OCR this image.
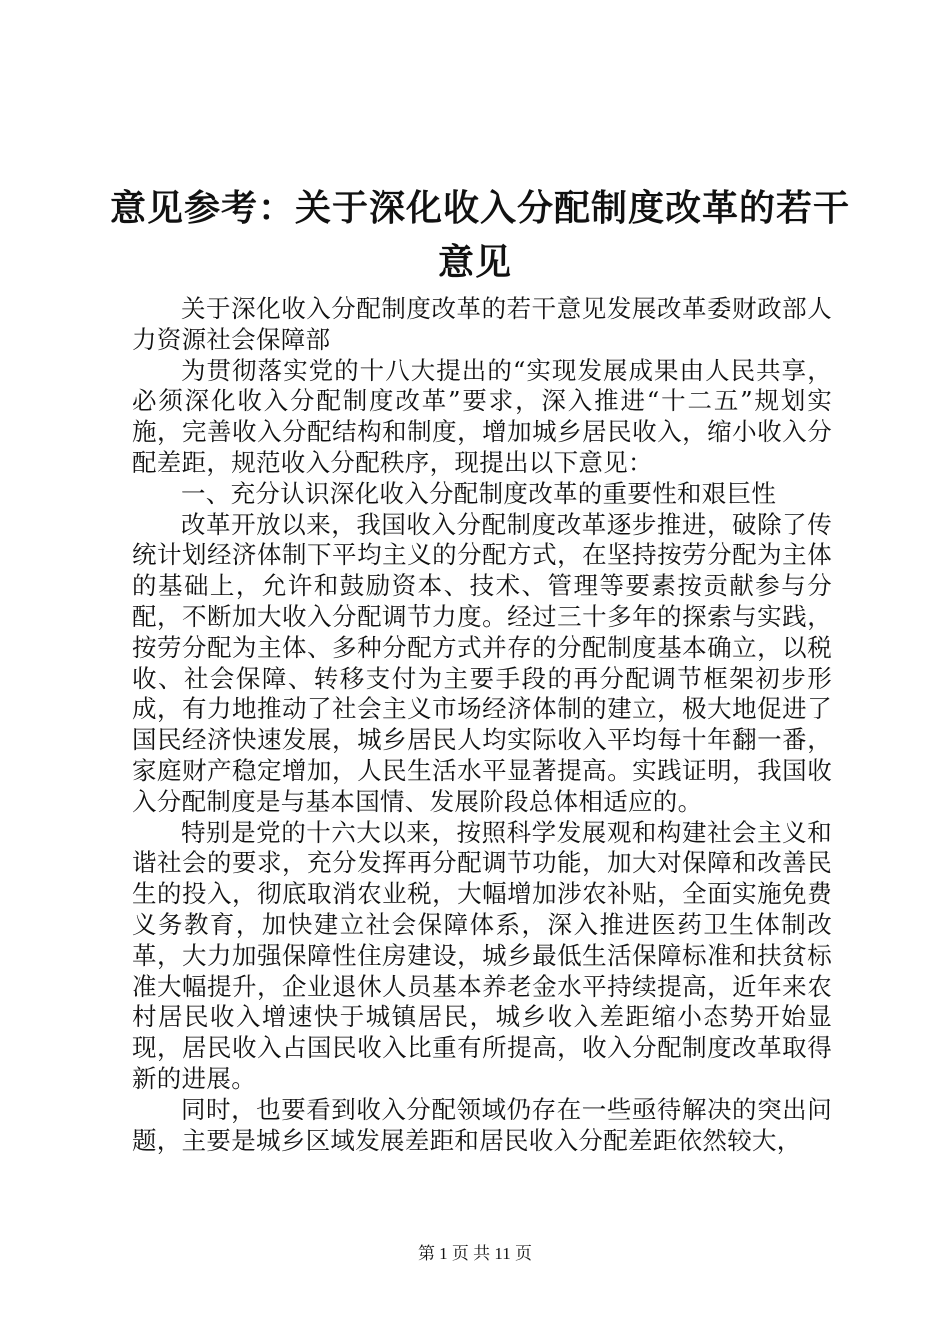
意见参考：关于深化收入分配制度改革的若干
意见

关于深化收入分配制度改革的若干意见发展改革委财政部人力资源社会保障部

为贯彻落实党的十八大提出的“实现发展成果由人民共享，必须深化收入分配制度改革”要求，深入推进“十二五”规划实施，完善收入分配结构和制度，增加城乡居民收入，缩小收入分配差距，规范收入分配秩序，现提出以下意见：

一、充分认识深化收入分配制度改革的重要性和艰巨性

改革开放以来，我国收入分配制度改革逐步推进，破除了传统计划经济体制下平均主义的分配方式，在坚持按劳分配为主体的基础上，允许和鼓励资本、技术、管理等要素按贡献参与分配，不断加大收入分配调节力度。经过三十多年的探索与实践，按劳分配为主体、多种分配方式并存的分配制度基本确立，以税收、社会保障、转移支付为主要手段的再分配调节框架初步形成，有力地推动了社会主义市场经济体制的建立，极大地促进了国民经济快速发展，城乡居民人均实际收入平均每十年翻一番，家庭财产稳定增加，人民生活水平显著提高。实践证明，我国收入分配制度是与基本国情、发展阶段总体相适应的。

特别是党的十六大以来，按照科学发展观和构建社会主义和谐社会的要求，充分发挥再分配调节功能，加大对保障和改善民生的投入，彻底取消农业税，大幅增加涉农补贴，全面实施免费义务教育，加快建立社会保障体系，深入推进医药卫生体制改革，大力加强保障性住房建设，城乡最低生活保障标准和扶贫标准大幅提升，企业退休人员基本养老金水平持续提高，近年来农村居民收入增速快于城镇居民，城乡收入差距缩小态势开始显现，居民收入占国民收入比重有所提高，收入分配制度改革取得新的进展。

同时，也要看到收入分配领域仍存在一些亟待解决的突出问题，主要是城乡区域发展差距和居民收入分配差距依然较大，

第 1 页 共 11 页
